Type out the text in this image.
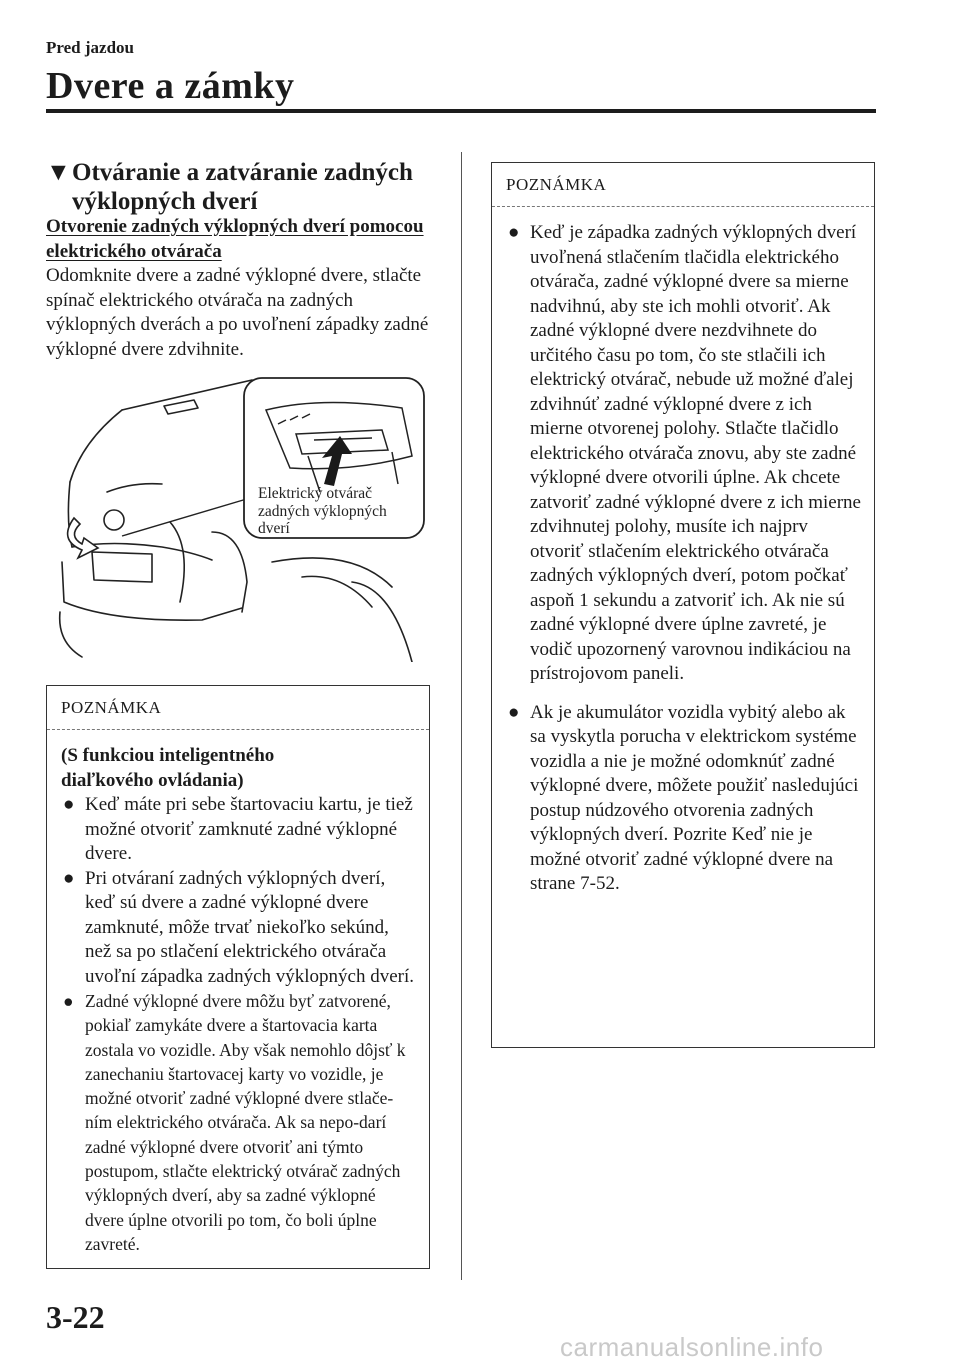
Pred jazdou
Dvere a zámky
▼ Otváranie a zatváranie zadných výklopných dverí
Otvorenie zadných výklopných dverí pomocou elektrického otvárača
Odomknite dvere a zadné výklopné dvere, stlačte spínač elektrického otvárača na zadných výklopných dverách a po uvoľnení západky zadné výklopné dvere zdvihnite.
Elektrický otvárač
zadných výklopných
dverí
POZNÁMKA
(S funkciou inteligentného
diaľkového ovládania)
● Keď máte pri sebe štartovaciu kartu, je tiež možné otvoriť zamknuté zadné výklopné dvere.
● Pri otváraní zadných výklopných dverí, keď sú dvere a zadné výklopné dvere zamknuté, môže trvať niekoľko sekúnd, než sa po stlačení elektrického otvárača uvoľní západka zadných výklopných dverí.
● Zadné výklopné dvere môžu byť zatvorené, pokiaľ zamykáte dvere a štartovacia karta zostala vo vozidle. Aby však nemohlo dôjsť k zanechaniu štartovacej karty vo vozidle, je možné otvoriť zadné výklopné dvere stlače-ním elektrického otvárača. Ak sa nepo-darí zadné výklopné dvere otvoriť ani týmto postupom, stlačte elektrický otvárač zadných výklopných dverí, aby sa zadné výklopné dvere úplne otvorili po tom, čo boli úplne zavreté.
POZNÁMKA
● Keď je západka zadných výklopných dverí uvoľnená stlačením tlačidla elektrického otvárača, zadné výklopné dvere sa mierne nadvihnú, aby ste ich mohli otvoriť. Ak zadné výklopné dvere nezdvihnete do určitého času po tom, čo ste stlačili ich elektrický otvárač, nebude už možné ďalej zdvihnúť zadné výklopné dvere z ich mierne otvorenej polohy. Stlačte tlačidlo elektrického otvárača znovu, aby ste zadné výklopné dvere otvorili úplne. Ak chcete zatvoriť zadné výklopné dvere z ich mierne zdvihnutej polohy, musíte ich najprv otvoriť stlačením elektrického otvárača zadných výklopných dverí, potom počkať aspoň 1 sekundu a zatvoriť ich. Ak nie sú zadné výklopné dvere úplne zavreté, je vodič upozornený varovnou indikáciou na prístrojovom paneli.
● Ak je akumulátor vozidla vybitý alebo ak sa vyskytla porucha v elektrickom systéme vozidla a nie je možné odomknúť zadné výklopné dvere, môžete použiť nasledujúci postup núdzového otvorenia zadných výklopných dverí. Pozrite Keď nie je možné otvoriť zadné výklopné dvere na strane 7-52.
3-22
carmanualsonline.info
